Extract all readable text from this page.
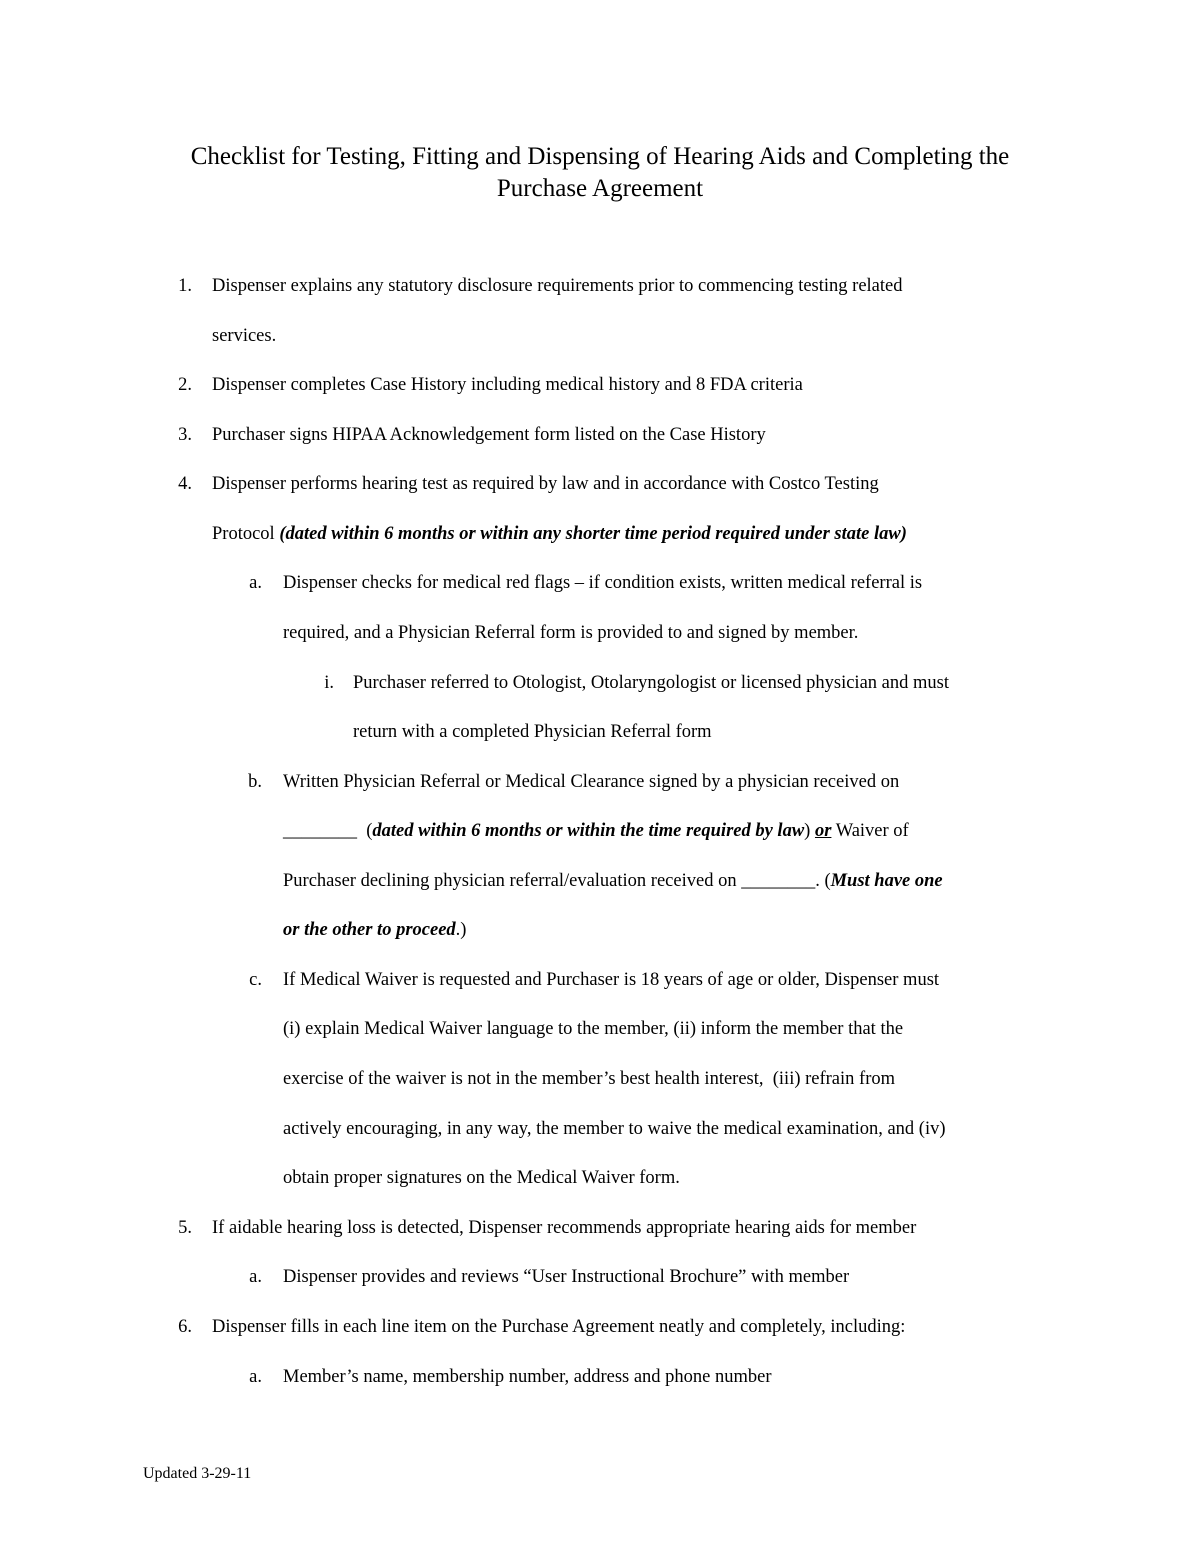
Checklist for Testing, Fitting and Dispensing of Hearing Aids and Completing the
Purchase Agreement
1. Dispenser explains any statutory disclosure requirements prior to commencing testing related
services.
2. Dispenser completes Case History including medical history and 8 FDA criteria
3. Purchaser signs HIPAA Acknowledgement form listed on the Case History
4. Dispenser performs hearing test as required by law and in accordance with Costco Testing
Protocol (dated within 6 months or within any shorter time period required under state law)
a. Dispenser checks for medical red flags – if condition exists, written medical referral is
required, and a Physician Referral form is provided to and signed by member.
i. Purchaser referred to Otologist, Otolaryngologist or licensed physician and must
return with a completed Physician Referral form
b. Written Physician Referral or Medical Clearance signed by a physician received on
________  (dated within 6 months or within the time required by law) or Waiver of
Purchaser declining physician referral/evaluation received on ________. (Must have one
or the other to proceed.)
c. If Medical Waiver is requested and Purchaser is 18 years of age or older, Dispenser must
(i) explain Medical Waiver language to the member, (ii) inform the member that the
exercise of the waiver is not in the member’s best health interest,  (iii) refrain from
actively encouraging, in any way, the member to waive the medical examination, and (iv)
obtain proper signatures on the Medical Waiver form.
5. If aidable hearing loss is detected, Dispenser recommends appropriate hearing aids for member
a. Dispenser provides and reviews “User Instructional Brochure” with member
6. Dispenser fills in each line item on the Purchase Agreement neatly and completely, including:
a. Member’s name, membership number, address and phone number
Updated 3-29-11
